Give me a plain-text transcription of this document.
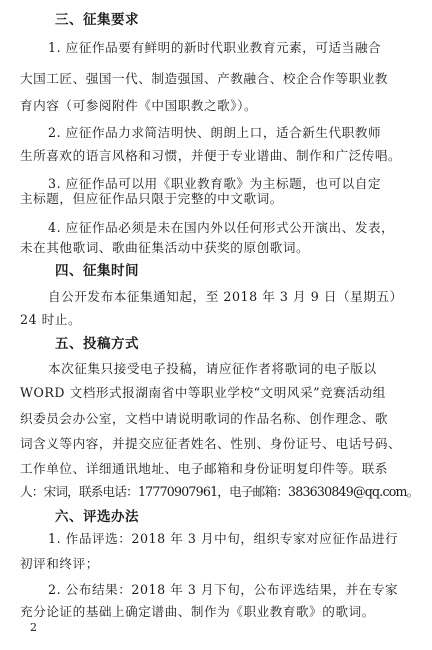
三、征集要求
1. 应征作品要有鲜明的新时代职业教育元素，可适当融合
大国工匠、强国一代、制造强国、产教融合、校企合作等职业教
育内容（可参阅附件《中国职教之歌》）。
2. 应征作品力求简洁明快、朗朗上口，适合新生代职教师
生所喜欢的语言风格和习惯，并便于专业谱曲、制作和广泛传唱。
3. 应征作品可以用《职业教育歌》为主标题，也可以自定
主标题，但应征作品只限于完整的中文歌词。
4. 应征作品必须是未在国内外以任何形式公开演出、发表，
未在其他歌词、歌曲征集活动中获奖的原创歌词。
四、征集时间
自公开发布本征集通知起，至 2018 年 3 月 9 日（星期五）
24 时止。
五、投稿方式
本次征集只接受电子投稿，请应征作者将歌词的电子版以
WORD 文档形式报湖南省中等职业学校“文明风采”竞赛活动组
织委员会办公室，文档中请说明歌词的作品名称、创作理念、歌
词含义等内容，并提交应征者姓名、性别、身份证号、电话号码、
工作单位、详细通讯地址、电子邮箱和身份证明复印件等。联系
人：宋词，联系电话：17770907961，电子邮箱：383630849@qq.com。
六、评选办法
1. 作品评选：2018 年 3 月中旬，组织专家对应征作品进行
初评和终评；
2. 公布结果：2018 年 3 月下旬，公布评选结果，并在专家
充分论证的基础上确定谱曲、制作为《职业教育歌》的歌词。
2
